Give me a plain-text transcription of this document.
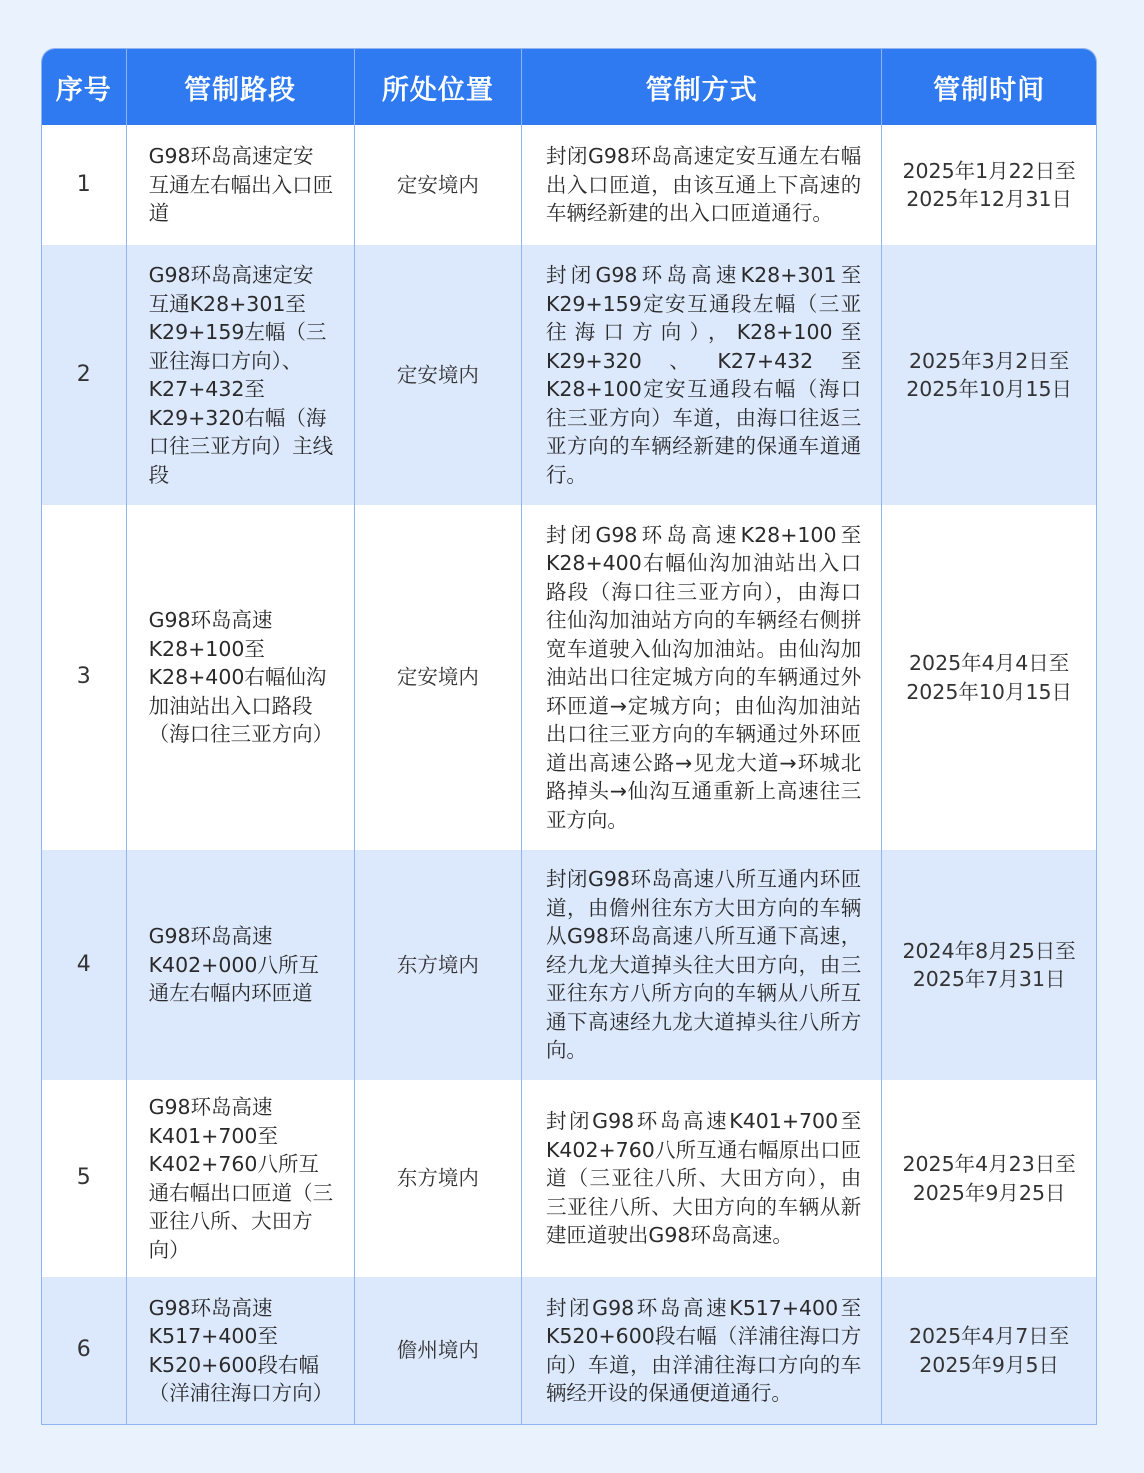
序号	管制路段	所处位置	管制方式	管制时间
1	G98环岛高速定安互通左右幅出入口匝道	定安境内	封闭G98环岛高速定安互通左右幅出入口匝道，由该互通上下高速的车辆经新建的出入口匝道通行。	2025年1月22日至2025年12月31日

2	G98环岛高速定安互通K28+301至K29+159左幅（三亚往海口方向）、K27+432至K29+320右幅（海口往三亚方向）主线段	定安境内	封闭G98环岛高速K28+301至K29+159定安互通段左幅（三亚往海口方向），K28+100至K29+320、K27+432至K28+100定安互通段右幅（海口往三亚方向）车道，由海口往返三亚方向的车辆经新建的保通车道通行。	2025年3月2日至2025年10月15日

3	G98环岛高速K28+100至K28+400右幅仙沟加油站出入口路段（海口往三亚方向）	定安境内	封闭G98环岛高速K28+100至K28+400右幅仙沟加油站出入口路段（海口往三亚方向），由海口往仙沟加油站方向的车辆经右侧拼宽车道驶入仙沟加油站。由仙沟加油站出口往定城方向的车辆通过外环匝道→定城方向；由仙沟加油站出口往三亚方向的车辆通过外环匝道出高速公路→见龙大道→环城北路掉头→仙沟互通重新上高速往三亚方向。	2025年4月4日至2025年10月15日

4	G98环岛高速K402+000八所互通左右幅内环匝道	东方境内	封闭G98环岛高速八所互通内环匝道，由儋州往东方大田方向的车辆从G98环岛高速八所互通下高速，经九龙大道掉头往大田方向，由三亚往东方八所方向的车辆从八所互通下高速经九龙大道掉头往八所方向。	2024年8月25日至2025年7月31日

5	G98环岛高速K401+700至K402+760八所互通右幅出口匝道（三亚往八所、大田方向）	东方境内	封闭G98环岛高速K401+700至K402+760八所互通右幅原出口匝道（三亚往八所、大田方向），由三亚往八所、大田方向的车辆从新建匝道驶出G98环岛高速。	2025年4月23日至2025年9月25日

6	G98环岛高速K517+400至K520+600段右幅（洋浦往海口方向）	儋州境内	封闭G98环岛高速K517+400至K520+600段右幅（洋浦往海口方向）车道，由洋浦往海口方向的车辆经开设的保通便道通行。	2025年4月7日至2025年9月5日
